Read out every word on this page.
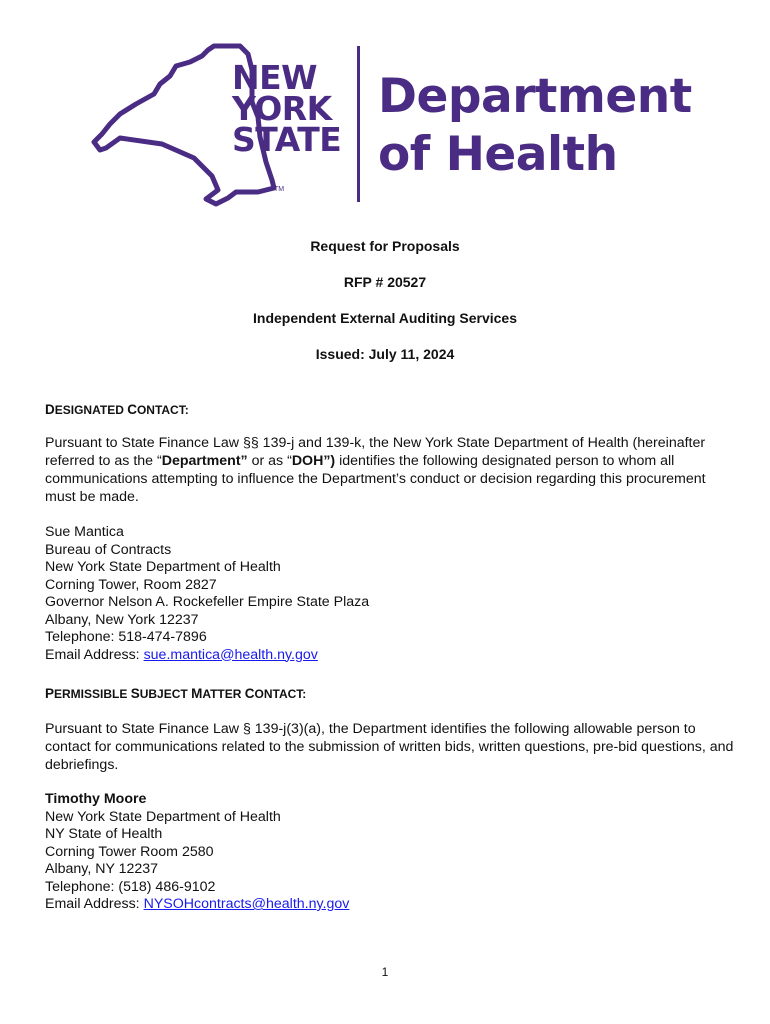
NEW
YORK
STATE
TM
Department
of Health
Request for Proposals
RFP # 20527
Independent External Auditing Services
Issued: July 11, 2024
DESIGNATED CONTACT:
Pursuant to State Finance Law §§ 139-j and 139-k, the New York State Department of Health (hereinafter referred to as the “Department” or as “DOH”) identifies the following designated person to whom all communications attempting to influence the Department’s conduct or decision regarding this procurement must be made.
Sue Mantica
Bureau of Contracts
New York State Department of Health
Corning Tower, Room 2827
Governor Nelson A. Rockefeller Empire State Plaza
Albany, New York 12237
Telephone: 518-474-7896
Email Address: sue.mantica@health.ny.gov
PERMISSIBLE SUBJECT MATTER CONTACT:
Pursuant to State Finance Law § 139-j(3)(a), the Department identifies the following allowable person to contact for communications related to the submission of written bids, written questions, pre-bid questions, and debriefings.
Timothy Moore
New York State Department of Health
NY State of Health
Corning Tower Room 2580
Albany, NY 12237
Telephone: (518) 486-9102
Email Address: NYSOHcontracts@health.ny.gov
1
